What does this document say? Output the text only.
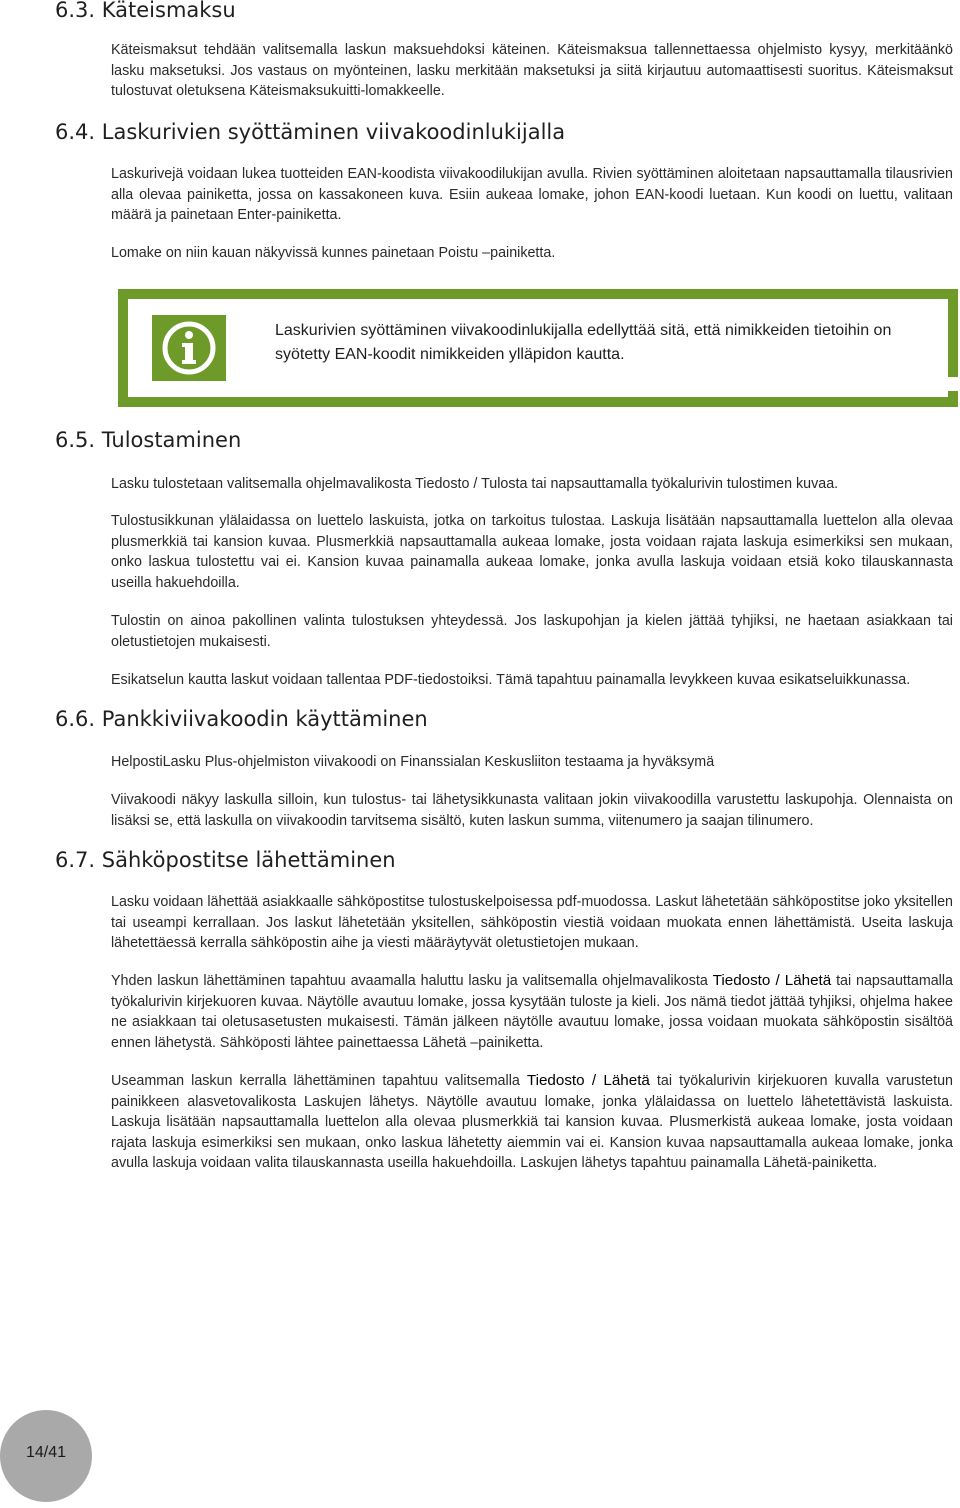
6.3. Käteismaksu

Käteismaksut tehdään valitsemalla laskun maksuehdoksi käteinen. Käteismaksua tallennettaessa ohjelmisto kysyy, merkitäänkö lasku maksetuksi. Jos vastaus on myönteinen, lasku merkitään maksetuksi ja siitä kirjautuu automaattisesti suoritus. Käteismaksut tulostuvat oletuksena Käteismaksukuitti-lomakkeelle.

6.4. Laskurivien syöttäminen viivakoodinlukijalla

Laskurivejä voidaan lukea tuotteiden EAN-koodista viivakoodilukijan avulla. Rivien syöttäminen aloitetaan napsauttamalla tilausrivien alla olevaa painiketta, jossa on kassakoneen kuva. Esiin aukeaa lomake, johon EAN-koodi luetaan. Kun koodi on luettu, valitaan määrä ja painetaan Enter-painiketta.

Lomake on niin kauan näkyvissä kunnes painetaan Poistu –painiketta.

Laskurivien syöttäminen viivakoodinlukijalla edellyttää sitä, että nimikkeiden tietoihin on syötetty EAN-koodit nimikkeiden ylläpidon kautta.

6.5. Tulostaminen

Lasku tulostetaan valitsemalla ohjelmavalikosta Tiedosto / Tulosta tai napsauttamalla työkalurivin tulostimen kuvaa.

Tulostusikkunan ylälaidassa on luettelo laskuista, jotka on tarkoitus tulostaa. Laskuja lisätään napsauttamalla luettelon alla olevaa plusmerkkiä tai kansion kuvaa. Plusmerkkiä napsauttamalla aukeaa lomake, josta voidaan rajata laskuja esimerkiksi sen mukaan, onko laskua tulostettu vai ei. Kansion kuvaa painamalla aukeaa lomake, jonka avulla laskuja voidaan etsiä koko tilauskannasta useilla hakuehdoilla.

Tulostin on ainoa pakollinen valinta tulostuksen yhteydessä. Jos laskupohjan ja kielen jättää tyhjiksi, ne haetaan asiakkaan tai oletustietojen mukaisesti.

Esikatselun kautta laskut voidaan tallentaa PDF-tiedostoiksi. Tämä tapahtuu painamalla levykkeen kuvaa esikatseluikkunassa.

6.6. Pankkiviivakoodin käyttäminen

HelpostiLasku Plus-ohjelmiston viivakoodi on Finanssialan Keskusliiton testaama ja hyväksymä

Viivakoodi näkyy laskulla silloin, kun tulostus- tai lähetysikkunasta valitaan jokin viivakoodilla varustettu laskupohja. Olennaista on lisäksi se, että laskulla on viivakoodin tarvitsema sisältö, kuten laskun summa, viitenumero ja saajan tilinumero.

6.7. Sähköpostitse lähettäminen

Lasku voidaan lähettää asiakkaalle sähköpostitse tulostuskelpoisessa pdf-muodossa. Laskut lähetetään sähköpostitse joko yksitellen tai useampi kerrallaan. Jos laskut lähetetään yksitellen, sähköpostin viestiä voidaan muokata ennen lähettämistä. Useita laskuja lähetettäessä kerralla sähköpostin aihe ja viesti määräytyvät oletustietojen mukaan.

Yhden laskun lähettäminen tapahtuu avaamalla haluttu lasku ja valitsemalla ohjelmavalikosta Tiedosto / Lähetä tai napsauttamalla työkalurivin kirjekuoren kuvaa. Näytölle avautuu lomake, jossa kysytään tuloste ja kieli. Jos nämä tiedot jättää tyhjiksi, ohjelma hakee ne asiakkaan tai oletusasetusten mukaisesti. Tämän jälkeen näytölle avautuu lomake, jossa voidaan muokata sähköpostin sisältöä ennen lähetystä. Sähköposti lähtee painettaessa Lähetä –painiketta.

Useamman laskun kerralla lähettäminen tapahtuu valitsemalla Tiedosto / Lähetä tai työkalurivin kirjekuoren kuvalla varustetun painikkeen alasvetovalikosta Laskujen lähetys. Näytölle avautuu lomake, jonka ylälaidassa on luettelo lähetettävistä laskuista. Laskuja lisätään napsauttamalla luettelon alla olevaa plusmerkkiä tai kansion kuvaa. Plusmerkistä aukeaa lomake, josta voidaan rajata laskuja esimerkiksi sen mukaan, onko laskua lähetetty aiemmin vai ei. Kansion kuvaa napsauttamalla aukeaa lomake, jonka avulla laskuja voidaan valita tilauskannasta useilla hakuehdoilla. Laskujen lähetys tapahtuu painamalla Lähetä-painiketta.

14/41
